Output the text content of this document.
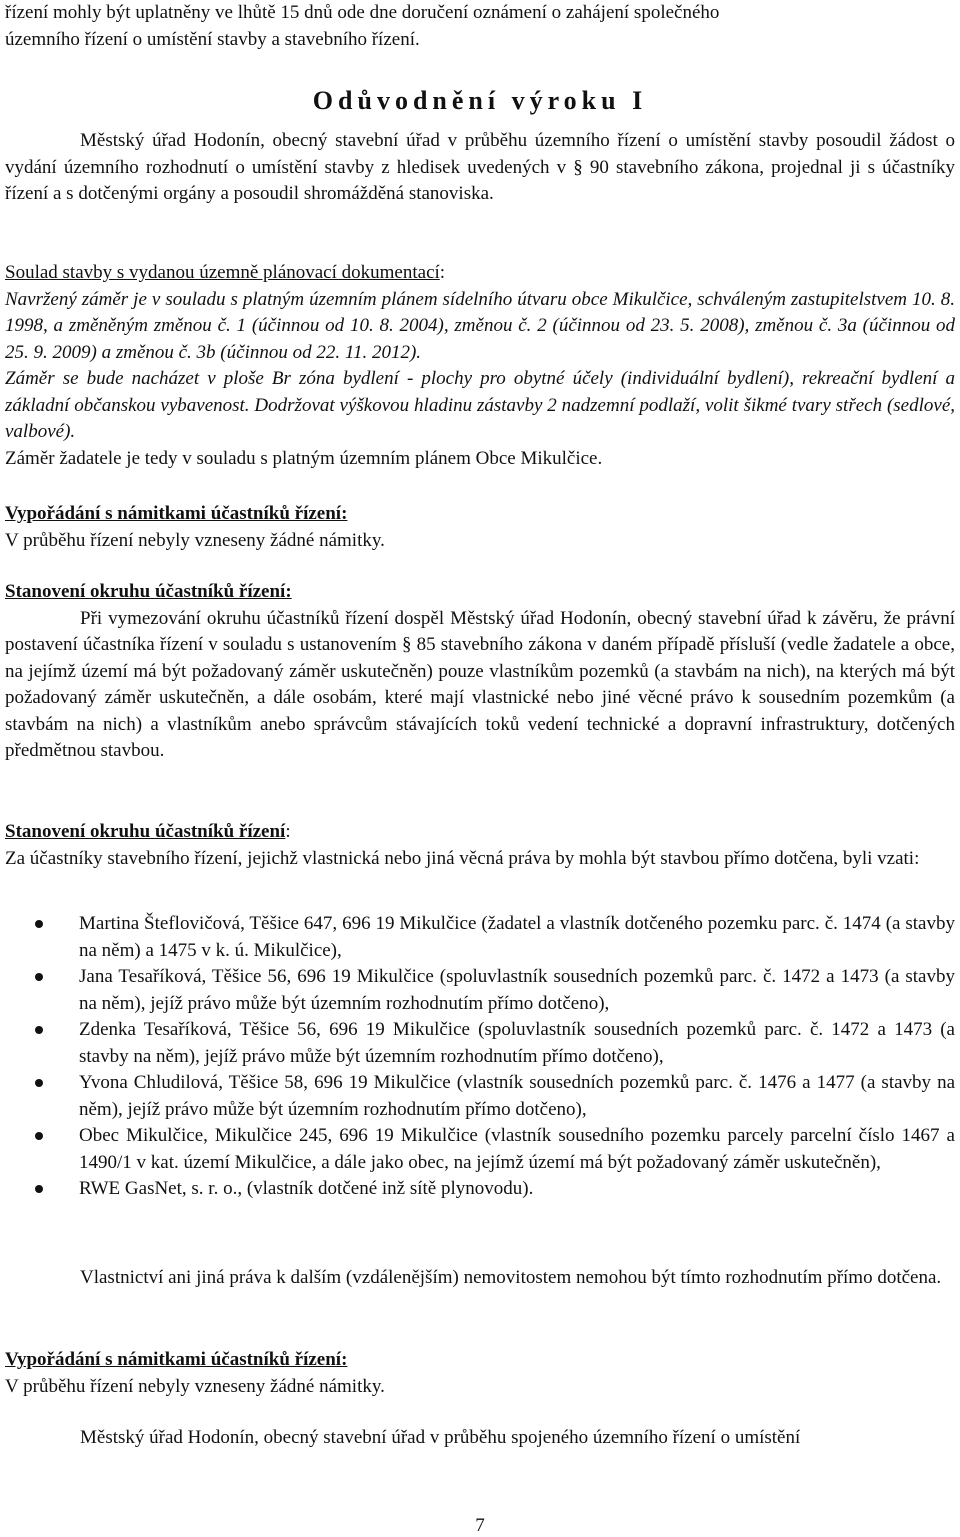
řízení mohly být uplatněny ve lhůtě 15 dnů ode dne doručení oznámení o zahájení společného
územního řízení o umístění stavby a stavebního řízení.

Odůvodnění výroku I

Městský úřad Hodonín, obecný stavební úřad v průběhu územního řízení o umístění stavby posoudil žádost o vydání územního rozhodnutí o umístění stavby z hledisek uvedených v § 90 stavebního zákona, projednal ji s účastníky řízení a s dotčenými orgány a posoudil shromážděná stanoviska.

Soulad stavby s vydanou územně plánovací dokumentací:

Navržený záměr je v souladu s platným územním plánem sídelního útvaru obce Mikulčice, schváleným zastupitelstvem 10. 8. 1998, a změněným změnou č. 1 (účinnou od 10. 8. 2004), změnou č. 2 (účinnou od 23. 5. 2008), změnou č. 3a (účinnou od 25. 9. 2009) a změnou č. 3b (účinnou od 22. 11. 2012).

Záměr se bude nacházet v ploše Br zóna bydlení - plochy pro obytné účely (individuální bydlení), rekreační bydlení a základní občanskou vybavenost. Dodržovat výškovou hladinu zástavby 2 nadzemní podlaží, volit šikmé tvary střech (sedlové, valbové).

Záměr žadatele je tedy v souladu s platným územním plánem Obce Mikulčice.

Vypořádání s námitkami účastníků řízení:

V průběhu řízení nebyly vzneseny žádné námitky.

Stanovení okruhu účastníků řízení:

Při vymezování okruhu účastníků řízení dospěl Městský úřad Hodonín, obecný stavební úřad k závěru, že právní postavení účastníka řízení v souladu s ustanovením § 85 stavebního zákona v daném případě přísluší (vedle žadatele a obce, na jejímž území má být požadovaný záměr uskutečněn) pouze vlastníkům pozemků (a stavbám na nich), na kterých má být požadovaný záměr uskutečněn, a dále osobám, které mají vlastnické nebo jiné věcné právo k sousedním pozemkům (a stavbám na nich) a vlastníkům anebo správcům stávajících toků vedení technické a dopravní infrastruktury, dotčených předmětnou stavbou.

Stanovení okruhu účastníků řízení:

Za účastníky stavebního řízení, jejichž vlastnická nebo jiná věcná práva by mohla být stavbou přímo dotčena, byli vzati:

Martina Šteflovičová, Těšice 647, 696 19 Mikulčice (žadatel a vlastník dotčeného pozemku parc. č. 1474 (a stavby na něm) a 1475 v k. ú. Mikulčice),
Jana Tesaříková, Těšice 56, 696 19 Mikulčice (spoluvlastník sousedních pozemků parc. č. 1472 a 1473 (a stavby na něm), jejíž právo může být územním rozhodnutím přímo dotčeno),
Zdenka Tesaříková, Těšice 56, 696 19 Mikulčice (spoluvlastník sousedních pozemků parc. č. 1472 a 1473 (a stavby na něm), jejíž právo může být územním rozhodnutím přímo dotčeno),
Yvona Chludilová, Těšice 58, 696 19 Mikulčice (vlastník sousedních pozemků parc. č. 1476 a 1477 (a stavby na něm), jejíž právo může být územním rozhodnutím přímo dotčeno),
Obec Mikulčice, Mikulčice 245, 696 19 Mikulčice (vlastník sousedního pozemku parcely parcelní číslo 1467 a 1490/1 v kat. území Mikulčice, a dále jako obec, na jejímž území má být požadovaný záměr uskutečněn),
RWE GasNet, s. r. o., (vlastník dotčené inž sítě plynovodu).

Vlastnictví ani jiná práva k dalším (vzdálenějším) nemovitostem nemohou být tímto rozhodnutím přímo dotčena.

Vypořádání s námitkami účastníků řízení:

V průběhu řízení nebyly vzneseny žádné námitky.

Městský úřad Hodonín, obecný stavební úřad v průběhu spojeného územního řízení o umístění

7
